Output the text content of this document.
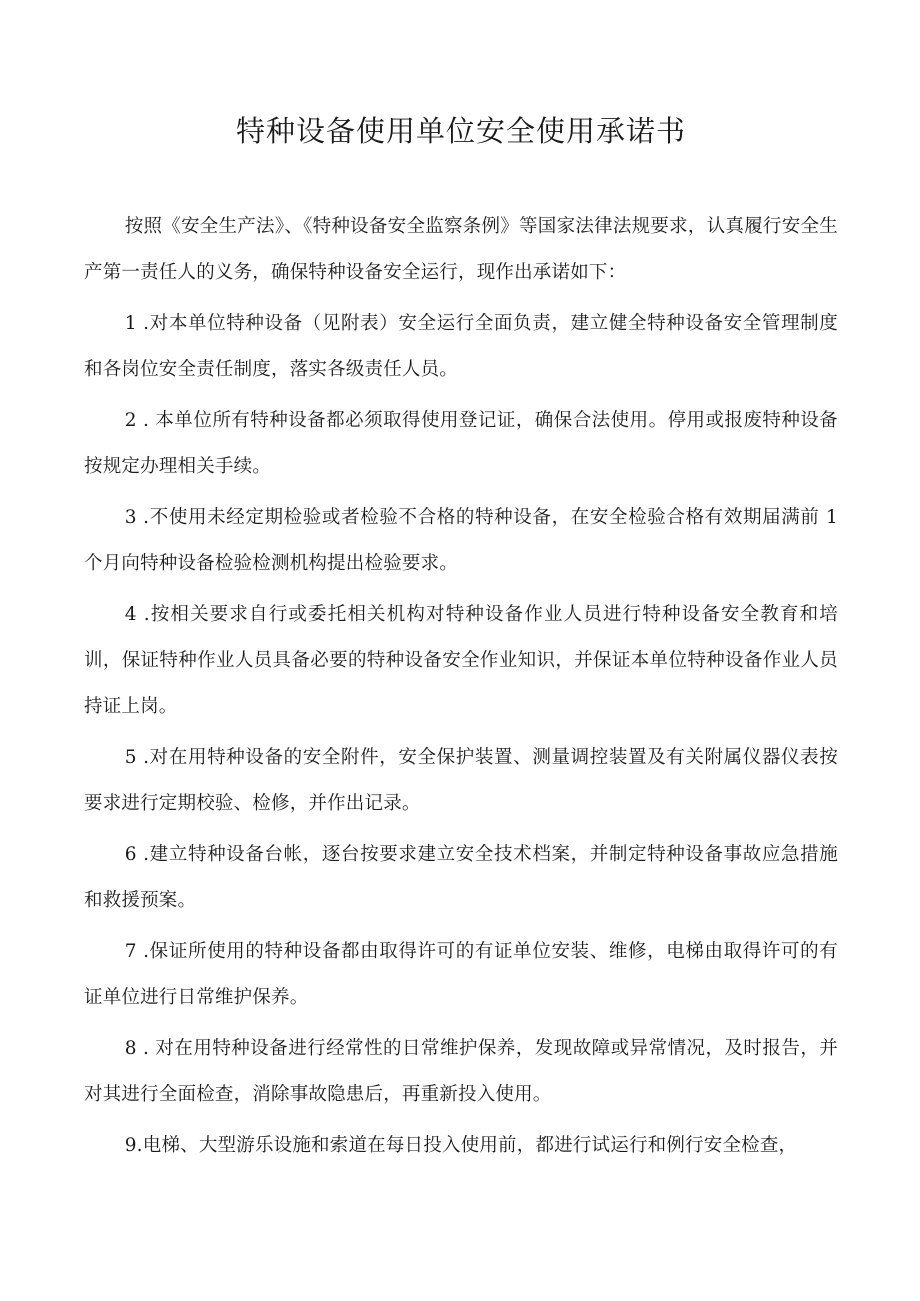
特种设备使用单位安全使用承诺书

按照《安全生产法》、《特种设备安全监察条例》等国家法律法规要求，认真履行安全生产第一责任人的义务，确保特种设备安全运行，现作出承诺如下：

1 .对本单位特种设备（见附表）安全运行全面负责，建立健全特种设备安全管理制度和各岗位安全责任制度，落实各级责任人员。

2 . 本单位所有特种设备都必须取得使用登记证，确保合法使用。停用或报废特种设备按规定办理相关手续。

3 .不使用未经定期检验或者检验不合格的特种设备，在安全检验合格有效期届满前 1 个月向特种设备检验检测机构提出检验要求。

4 .按相关要求自行或委托相关机构对特种设备作业人员进行特种设备安全教育和培训，保证特种作业人员具备必要的特种设备安全作业知识，并保证本单位特种设备作业人员持证上岗。

5 .对在用特种设备的安全附件，安全保护装置、测量调控装置及有关附属仪器仪表按要求进行定期校验、检修，并作出记录。

6 .建立特种设备台帐，逐台按要求建立安全技术档案，并制定特种设备事故应急措施和救援预案。

7 .保证所使用的特种设备都由取得许可的有证单位安装、维修，电梯由取得许可的有证单位进行日常维护保养。

8 . 对在用特种设备进行经常性的日常维护保养，发现故障或异常情况，及时报告，并对其进行全面检查，消除事故隐患后，再重新投入使用。

9.电梯、大型游乐设施和索道在每日投入使用前，都进行试运行和例行安全检查，
